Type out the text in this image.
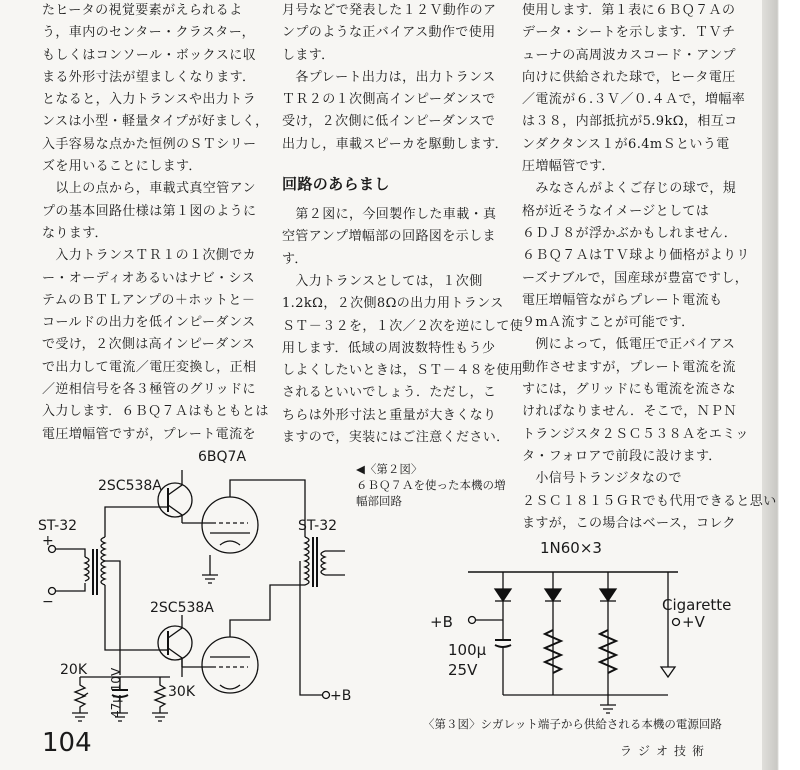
たヒータの視覚要素がえられるよ
う，車内のセンター・クラスター，
もしくはコンソール・ボックスに収
まる外形寸法が望ましくなります．
となると，入力トランスや出力トラ
ンスは小型・軽量タイプが好ましく，
入手容易な点かた恒例のＳＴシリー
ズを用いることにします．
　以上の点から，車載式真空管アン
プの基本回路仕様は第１図のように
なります．
　入力トランスＴＲ１の１次側でカ
ー・オーディオあるいはナビ・シス
テムのＢＴＬアンプの＋ホットと－
コールドの出力を低インピーダンス
で受け，２次側は高インピーダンス
で出力して電流／電圧変換し，正相
／逆相信号を各３極管のグリッドに
入力します．６ＢＱ７Ａはもともとは
電圧増幅管ですが，プレート電流を
月号などで発表した１２Ｖ動作のア
ンプのような正バイアス動作で使用
します．
　各プレート出力は，出力トランス
ＴＲ２の１次側高インピーダンスで
受け，２次側に低インピーダンスで
出力し，車載スピーカを駆動します．
回路のあらまし
　第２図に，今回製作した車載・真
空管アンプ増幅部の回路図を示しま
す．
　入力トランスとしては，１次側
1.2kΩ，２次側8Ωの出力用トランス
ＳＴ－３２を，１次／２次を逆にして使
用します．低域の周波数特性もう少
しよくしたいときは，ＳＴ－４８を使用
されるといいでしょう．ただし，こ
ちらは外形寸法と重量が大きくなり
ますので，実装にはご注意ください．
使用します．第１表に６ＢＱ７Ａの
データ・シートを示します．ＴＶチ
ューナの高周波カスコード・アンプ
向けに供給された球で，ヒータ電圧
／電流が６.３Ｖ／０.４Ａで，増幅率
は３８，内部抵抗が5.9kΩ，相互コ
ンダクタンス１が6.4mＳという電
圧増幅管です．
　みなさんがよくご存じの球で，規
格が近そうなイメージとしては
６ＤＪ８が浮かぶかもしれません．
６ＢＱ７ＡはＴＶ球より価格がよりリ
ーズナブルで，国産球が豊富ですし，
電圧増幅管ながらプレート電流も
９mＡ流すことが可能です．
　例によって，低電圧で正バイアス
動作させますが，プレート電流を流
すには，グリッドにも電流を流さな
ければなりません．そこで，ＮＰＮ
トランジスタ２ＳＣ５３８Ａをエミッ
タ・フォロアで前段に設けます．
　小信号トランジタなので
２ＳＣ１８１５ＧＲでも代用できると思い
ますが，この場合はベース，コレク
◀〈第２図〉
６ＢＱ７Ａを使った本機の増
幅部回路
6BQ7A
2SC538A
2SC538A
ST-32	ST-32
+
−
20K 47μ 10V	30K	+B
1N60×3
+B
100μ
25V
Cigarette
+V
〈第３図〉シガレット端子から供給される本機の電源回路
104	ラジオ技術
